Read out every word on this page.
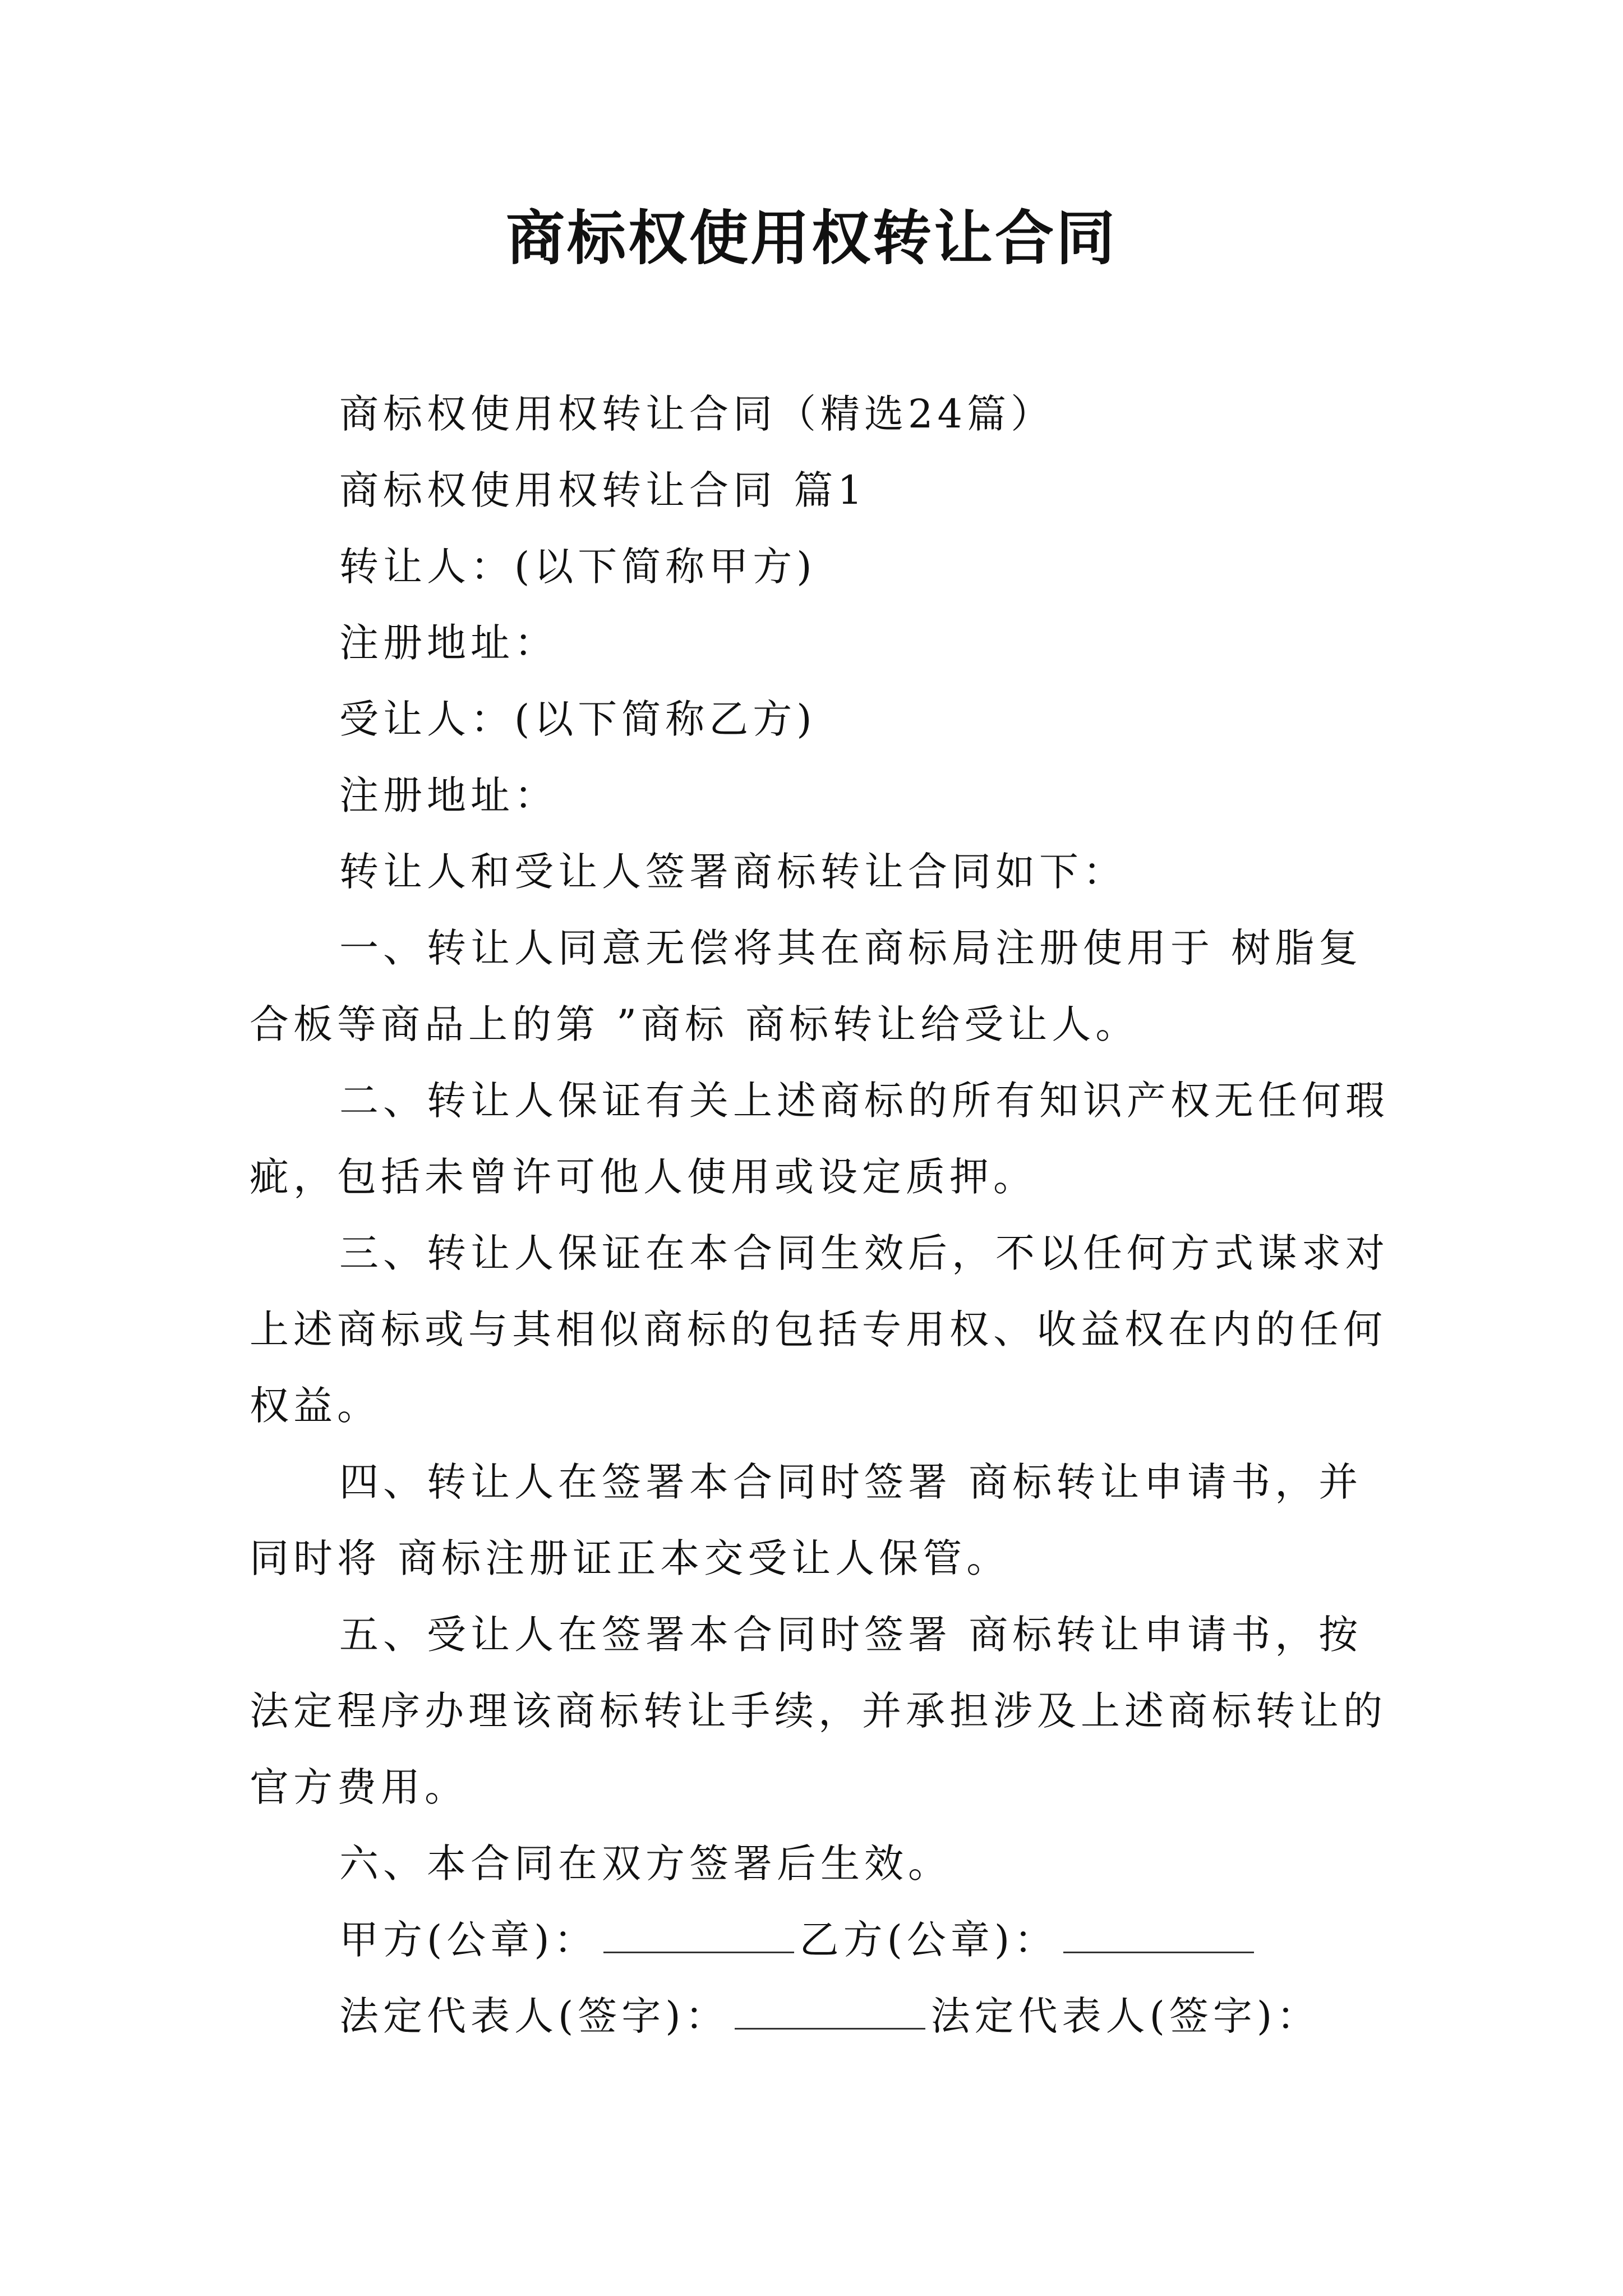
商标权使用权转让合同

商标权使用权转让合同（精选24篇）

商标权使用权转让合同 篇1

转让人：(以下简称甲方)

注册地址：

受让人：(以下简称乙方)

注册地址：

转让人和受让人签署商标转让合同如下：

一、转让人同意无偿将其在商标局注册使用于 树脂复合板等商品上的第 ”商标 商标转让给受让人。

二、转让人保证有关上述商标的所有知识产权无任何瑕疵，包括未曾许可他人使用或设定质押。

三、转让人保证在本合同生效后，不以任何方式谋求对上述商标或与其相似商标的包括专用权、收益权在内的任何权益。

四、转让人在签署本合同时签署 商标转让申请书，并同时将 商标注册证正本交受让人保管。

五、受让人在签署本合同时签署 商标转让申请书，按法定程序办理该商标转让手续，并承担涉及上述商标转让的官方费用。

六、本合同在双方签署后生效。

甲方(公章)：	乙方(公章)：

法定代表人(签字)：	法定代表人(签字)：
